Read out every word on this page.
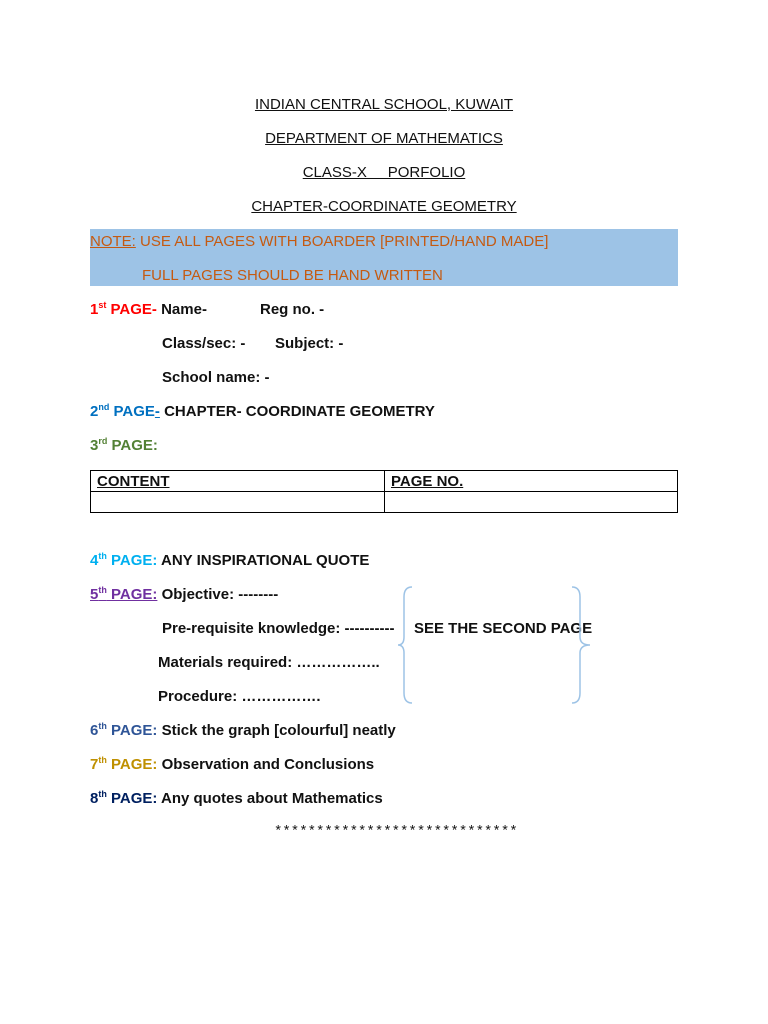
INDIAN CENTRAL SCHOOL, KUWAIT
DEPARTMENT OF MATHEMATICS
CLASS-X     PORFOLIO
CHAPTER-COORDINATE GEOMETRY
NOTE: USE ALL PAGES WITH BOARDER [PRINTED/HAND MADE]
FULL PAGES SHOULD BE HAND WRITTEN
1st PAGE- Name-	Reg no. -
Class/sec: - Subject: -
School name: -
2nd PAGE- CHAPTER- COORDINATE GEOMETRY
3rd PAGE:
CONTENT	PAGE NO.

4th PAGE: ANY INSPIRATIONAL QUOTE
5th PAGE: Objective: --------
Pre-requisite knowledge: ----------
Materials required: ……………..
Procedure: …………….
SEE THE SECOND PAGE
6th PAGE: Stick the graph [colourful] neatly
7th PAGE: Observation and Conclusions
8th PAGE: Any quotes about Mathematics
*****************************
